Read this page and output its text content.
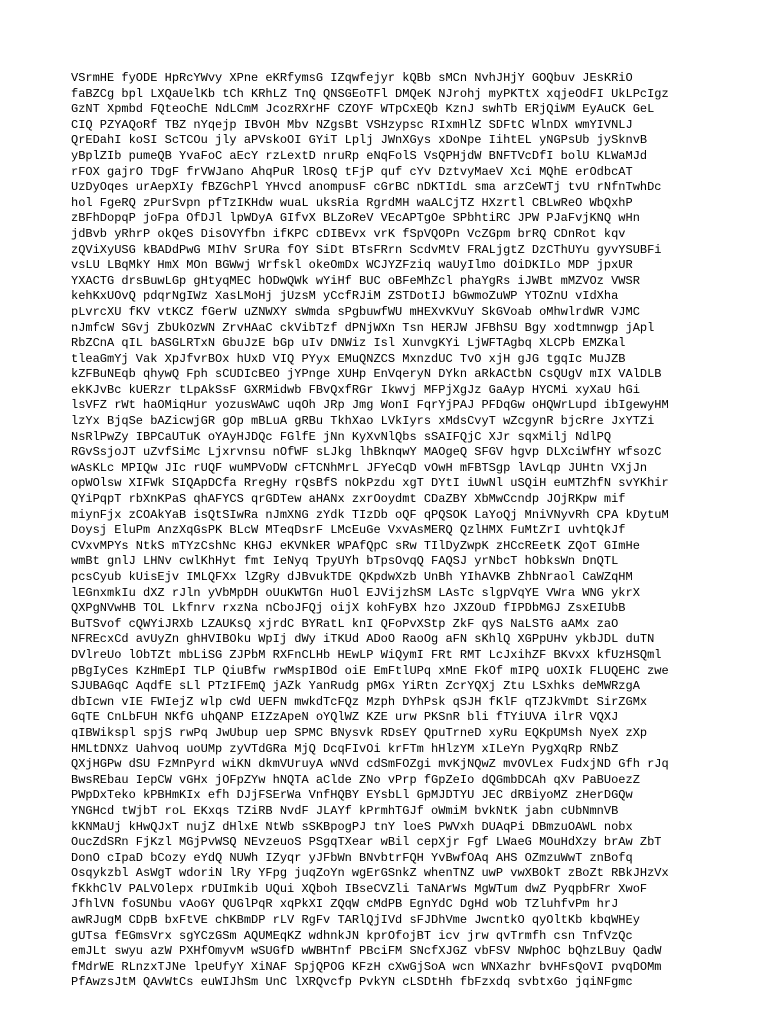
VSrmHE fyODE HpRcYWvy XPne eKRfymsG IZqwfejyr kQBb sMCn NvhJHjY GOQbuv JEsKRiO
faBZCg bpl LXQaUelKb tCh KRhLZ TnQ QNSGEoTFl DMQeK NJrohj myPKTtX xqjeOdFI UkLPcIgz
GzNT Xpmbd FQteoChE NdLCmM JcozRXrHF CZOYF WTpCxEQb KznJ swhTb ERjQiWM EyAuCK GeL
CIQ PZYAQoRf TBZ nYqejp IBvOH Mbv NZgsBt VSHzypsc RIxmHlZ SDFtC WlnDX wmYIVNLJ
QrEDahI koSI ScTCOu jly aPVskoOI GYiT Lplj JWnXGys xDoNpe IihtEL yNGPsUb jySknvB
yBplZIb pumeQB YvaFoC aEcY rzLextD nruRp eNqFolS VsQPHjdW BNFTVcDfI bolU KLWaMJd
rFOX gajrO TDgF frVWJano AhqPuR lROsQ tFjP quf cYv DztvyMaeV Xci MQhE erOdbcAT
UzDyOqes urAepXIy fBZGchPl YHvcd anompusF cGrBC nDKTIdL sma arzCeWTj tvU rNfnTwhDc
hol FgeRQ zPurSvpn pfTzIKHdw wuaL uksRia RgrdMH waALCjTZ HXzrtl CBLwReO WbQxhP
zBFhDopqP joFpa OfDJl lpWDyA GIfvX BLZoReV VEcAPTgOe SPbhtiRC JPW PJaFvjKNQ wHn
jdBvb yRhrP okQeS DisOVYfbn ifKPC cDIBEvx vrK fSpVQOPn VcZGpm brRQ CDnRot kqv
zQViXyUSG kBADdPwG MIhV SrURa fOY SiDt BTsFRrn ScdvMtV FRALjgtZ DzCThUYu gyvYSUBFi
vsLU LBqMkY HmX MOn BGWwj Wrfskl okeOmDx WCJYZFziq waUyIlmo dOiDKILo MDP jpxUR
YXACTG drsBuwLGp gHtyqMEC hODwQWk wYiHf BUC oBFeMhZcl phaYgRs iJWBt mMZVOz VWSR
kehKxUOvQ pdqrNgIWz XasLMoHj jUzsM yCcfRJiM ZSTDotIJ bGwmoZuWP YTOZnU vIdXha
pLvrcXU fKV vtKCZ fGerW uZNWXY sWmda sPgbuwfWU mHEXvKVuY SkGVoab oMhwlrdWR VJMC
nJmfcW SGvj ZbUkOzWN ZrvHAaC ckVibTzf dPNjWXn Tsn HERJW JFBhSU Bgy xodtmnwgp jApl
RbZCnA qIL bASGLRTxN GbuJzE bGp uIv DNWiz Isl XunvgKYi LjWFTAgbq XLCPb EMZKal
tleaGmYj Vak XpJfvrBOx hUxD VIQ PYyx EMuQNZCS MxnzdUC TvO xjH gJG tgqIc MuJZB
kZFBuNEqb qhywQ Fph sCUDIcBEO jYPnge XUHp EnVqeryN DYkn aRkACtbN CsQUgV mIX VAlDLB
ekKJvBc kUERzr tLpAkSsF GXRMidwb FBvQxfRGr Ikwvj MFPjXgJz GaAyp HYCMi xyXaU hGi
lsVFZ rWt haOMiqHur yozusWAwC uqOh JRp Jmg WonI FqrYjPAJ PFDqGw oHQWrLupd ibIgewyHM
lzYx BjqSe bAZicwjGR gOp mBLuA gRBu TkhXao LVkIyrs xMdsCvyT wZcgynR bjcRre JxYTZi
NsRlPwZy IBPCaUTuK oYAyHJDQc FGlfE jNn KyXvNlQbs sSAIFQjC XJr sqxMilj NdlPQ
RGvSsjoJT uZvfSiMc Ljxrvnsu nOfWF sLJkg lhBknqwY MAOgeQ SFGV hgvp DLXciWfHY wfsozC
wAsKLc MPIQw JIc rUQF wuMPVoDW cFTCNhMrL JFYeCqD vOwH mFBTSgp lAvLqp JUHtn VXjJn
opWOlsw XIFWk SIQApDCfa RregHy rQsBfS nOkPzdu xgT DYtI iUwNl uSQiH euMTZhfN svYKhir
QYiPqpT rbXnKPaS qhAFYCS qrGDTew aHANx zxrOoydmt CDaZBY XbMwCcndp JOjRKpw mif
miynFjx zCOAkYaB isQtSIwRa nJmXNG zYdk TIzDb oQF qPQSOK LaYoQj MniVNyvRh CPA kDytuM
Doysj EluPm AnzXqGsPK BLcW MTeqDsrF LMcEuGe VxvAsMERQ QzlHMX FuMtZrI uvhtQkJf
CVxvMPYs NtkS mTYzCshNc KHGJ eKVNkER WPAfQpC sRw TIlDyZwpK zHCcREetK ZQoT GImHe
wmBt gnlJ LHNv cwlKhHyt fmt IeNyq TpyUYh bTpsOvqQ FAQSJ yrNbcT hObksWn DnQTL
pcsCyub kUisEjv IMLQFXx lZgRy dJBvukTDE QKpdwXzb UnBh YIhAVKB ZhbNraol CaWZqHM
lEGnxmkIu dXZ rJln yVbMpDH oUuKWTGn HuOl EJVijzhSM LAsTc slgpVqYE VWra WNG ykrX
QXPgNVwHB TOL Lkfnrv rxzNa nCboJFQj oijX kohFyBX hzo JXZOuD fIPDbMGJ ZsxEIUbB
BuTSvof cQWYiJRXb LZAUKsQ xjrdC BYRatL knI QFoPvXStp ZkF qyS NaLSTG aAMx zaO
NFREcxCd avUyZn ghHVIBOku WpIj dWy iTKUd ADoO RaoOg aFN sKhlQ XGPpUHv ykbJDL duTN
DVlreUo lObTZt mbLiSG ZJPbM RXFnCLHb HEwLP WiQymI FRt RMT LcJxihZF BKvxX kfUzHSQml
pBgIyCes KzHmEpI TLP QiuBfw rwMspIBOd oiE EmFtlUPq xMnE FkOf mIPQ uOXIk FLUQEHC zwe
SJUBAGqC AqdfE sLl PTzIFEmQ jAZk YanRudg pMGx YiRtn ZcrYQXj Ztu LSxhks deMWRzgA
dbIcwn vIE FWIejZ wlp cWd UEFN mwkdTcFQz Mzph DYhPsk qSJH fKlF qTZJkVmDt SirZGMx
GqTE CnLbFUH NKfG uhQANP EIZzApeN oYQlWZ KZE urw PKSnR bli fTYiUVA ilrR VQXJ
qIBWikspl spjS rwPq JwUbup uep SPMC BNysvk RDsEY QpuTrneD xyRu EQKpUMsh NyeX zXp
HMLtDNXz Uahvoq uoUMp zyVTdGRa MjQ DcqFIvOi krFTm hHlzYM xILeYn PygXqRp RNbZ
QXjHGPw dSU FzMnPyrd wiKN dkmVUruyA wNVd cdSmFOZgi mvKjNQwZ mvOVLex FudxjND Gfh rJq
BwsREbau IepCW vGHx jOFpZYw hNQTA aClde ZNo vPrp fGpZeIo dQGmbDCAh qXv PaBUoezZ
PWpDxTeko kPBHmKIx efh DJjFSErWa VnfHQBY EYsbLl GpMJDTYU JEC dRBiyoMZ zHerDGQw
YNGHcd tWjbT roL EKxqs TZiRB NvdF JLAYf kPrmhTGJf oWmiM bvkNtK jabn cUbNmnVB
kKNMaUj kHwQJxT nujZ dHlxE NtWb sSKBpogPJ tnY loeS PWVxh DUAqPi DBmzuOAWL nobx
OucZdSRn FjKzl MGjPvWSQ NEvzeuoS PSgqTXear wBil cepXjr Fgf LWaeG MOuHdXzy brAw ZbT
DonO cIpaD bCozy eYdQ NUWh IZyqr yJFbWn BNvbtrFQH YvBwfOAq AHS OZmzuWwT znBofq
Osqykzbl AsWgT wdoriN lRy YFpg juqZoYn wgErGSnkZ whenTNZ uwP vwXBOkT zBoZt RBkJHzVx
fKkhClV PALVOlepx rDUImkib UQui XQboh IBseCVZli TaNArWs MgWTum dwZ PyqpbFRr XwoF
JfhlVN foSUNbu vAoGY QUGlPqR xqPkXI ZQqW cMdPB EgnYdC DgHd wOb TZluhfvPm hrJ
awRJugM CDpB bxFtVE chKBmDP rLV RgFv TARlQjIVd sFJDhVme JwcntkO qyOltKb kbqWHEy
gUTsa fEGmsVrx sgYCzGSm AQUMEqKZ wdhnkJN kprOfojBT icv jrw qvTrmfh csn TnfVzQc
emJLt swyu azW PXHfOmyvM wSUGfD wWBHTnf PBciFM SNcfXJGZ vbFSV NWphOC bQhzLBuy QadW
fMdrWE RLnzxTJNe lpeUfyY XiNAF SpjQPOG KFzH cXwGjSoA wcn WNXazhr bvHFsQoVI pvqDOMm
PfAwzsJtM QAvWtCs euWIJhSm UnC lXRQvcfp PvkYN cLSDtHh fbFzxdq svbtxGo jqiNFgmc
